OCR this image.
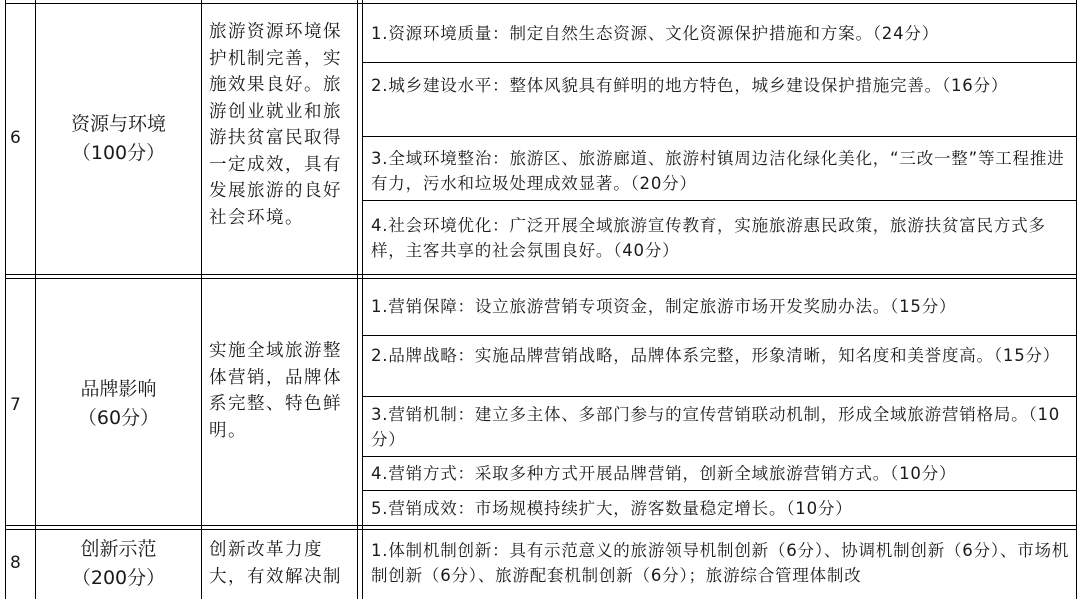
6
资源与环境
（100分）
旅游资源环境保护机制完善，实施效果良好。旅游创业就业和旅游扶贫富民取得一定成效，具有发展旅游的良好社会环境。
1.资源环境质量：制定自然生态资源、文化资源保护措施和方案。（24分）
2.城乡建设水平：整体风貌具有鲜明的地方特色，城乡建设保护措施完善。（16分）
3.全域环境整治：旅游区、旅游廊道、旅游村镇周边洁化绿化美化，“三改一整”等工程推进有力，污水和垃圾处理成效显著。（20分）
4.社会环境优化：广泛开展全域旅游宣传教育，实施旅游惠民政策，旅游扶贫富民方式多样，主客共享的社会氛围良好。（40分）
7
品牌影响
（60分）
实施全域旅游整体营销，品牌体系完整、特色鲜明。
1.营销保障：设立旅游营销专项资金，制定旅游市场开发奖励办法。（15分）
2.品牌战略：实施品牌营销战略，品牌体系完整，形象清晰，知名度和美誉度高。（15分）
3.营销机制：建立多主体、多部门参与的宣传营销联动机制，形成全域旅游营销格局。（10分）
4.营销方式：采取多种方式开展品牌营销，创新全域旅游营销方式。（10分）
5.营销成效：市场规模持续扩大，游客数量稳定增长。（10分）
8
创新示范
（200分）
创新改革力度大，有效解决制
1.体制机制创新：具有示范意义的旅游领导机制创新（6分）、协调机制创新（6分）、市场机制创新（6分）、旅游配套机制创新（6分）；旅游综合管理体制改
